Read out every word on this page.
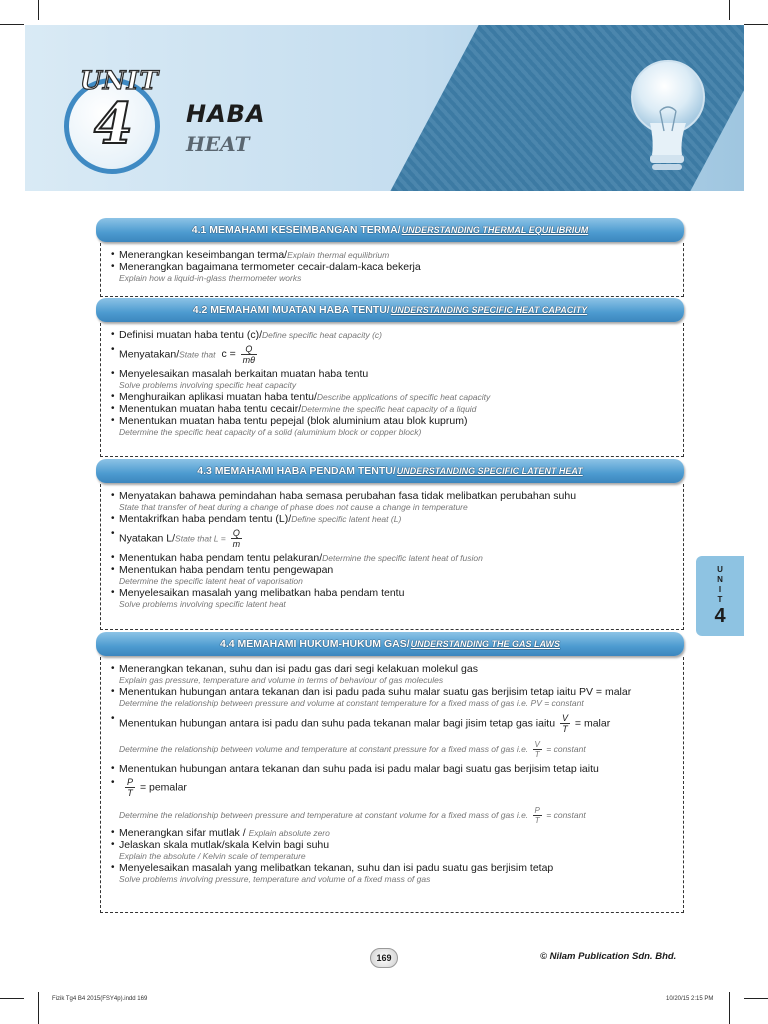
UNIT
4 HABA
HEAT
4.1 MEMAHAMI KESEIMBANGAN TERMA/ UNDERSTANDING THERMAL EQUILIBRIUM
• Menerangkan keseimbangan terma/Explain thermal equilibrium
• Menerangkan bagaimana termometer cecair-dalam-kaca bekerja
Explain how a liquid-in-glass thermometer works
4.2 MEMAHAMI MUATAN HABA TENTU/ UNDERSTANDING SPECIFIC HEAT CAPACITY
• Definisi muatan haba tentu (c)/Define specific heat capacity (c)
• Menyatakan/State that $c = \frac{Q}{m\theta}$
• Menyelesaikan masalah berkaitan muatan haba tentu
Solve problems involving specific heat capacity
• Menghuraikan aplikasi muatan haba tentu/Describe applications of specific heat capacity
• Menentukan muatan haba tentu cecair/Determine the specific heat capacity of a liquid
• Menentukan muatan haba tentu pepejal (blok aluminium atau blok kuprum)
Determine the specific heat capacity of a solid (aluminium block or copper block)
4.3 MEMAHAMI HABA PENDAM TENTU/ UNDERSTANDING SPECIFIC LATENT HEAT
• Menyatakan bahawa pemindahan haba semasa perubahan fasa tidak melibatkan perubahan suhu
State that transfer of heat during a change of phase does not cause a change in temperature
• Mentakrifkan haba pendam tentu (L)/Define specific latent heat (L)
• Nyatakan L/State that $L = \frac{Q}{m}$
• Menentukan haba pendam tentu pelakuran/Determine the specific latent heat of fusion
• Menentukan haba pendam tentu pengewapan
Determine the specific latent heat of vaporisation
• Menyelesaikan masalah yang melibatkan haba pendam tentu
Solve problems involving specific latent heat
4.4 MEMAHAMI HUKUM-HUKUM GAS/ UNDERSTANDING THE GAS LAWS
• Menerangkan tekanan, suhu dan isi padu gas dari segi kelakuan molekul gas
Explain gas pressure, temperature and volume in terms of behaviour of gas molecules
• Menentukan hubungan antara tekanan dan isi padu pada suhu malar suatu gas berjisim tetap iaitu PV = malar
Determine the relationship between pressure and volume at constant temperature for a fixed mass of gas i.e. PV = constant
• Menentukan hubungan antara isi padu dan suhu pada tekanan malar bagi jisim tetap gas iaitu $\frac{V}{T}$ = malar
Determine the relationship between volume and temperature at constant pressure for a fixed mass of gas i.e. $\frac{V}{T}$ = constant
• Menentukan hubungan antara tekanan dan suhu pada isi padu malar bagi suatu gas berjisim tetap iaitu
• $\frac{P}{T}$ = pemalar
Determine the relationship between pressure and temperature at constant volume for a fixed mass of gas i.e. $\frac{P}{T}$ = constant
• Menerangkan sifar mutlak / Explain absolute zero
• Jelaskan skala mutlak/skala Kelvin bagi suhu
Explain the absolute / Kelvin scale of temperature
• Menyelesaikan masalah yang melibatkan tekanan, suhu dan isi padu suatu gas berjisim tetap
Solve problems involving pressure, temperature and volume of a fixed mass of gas
U
N
I
T
4
169	© Nilam Publication Sdn. Bhd.
Fizik Tg4 B4 2015(FSY4p).indd 169	10/20/15 2:15 PM
